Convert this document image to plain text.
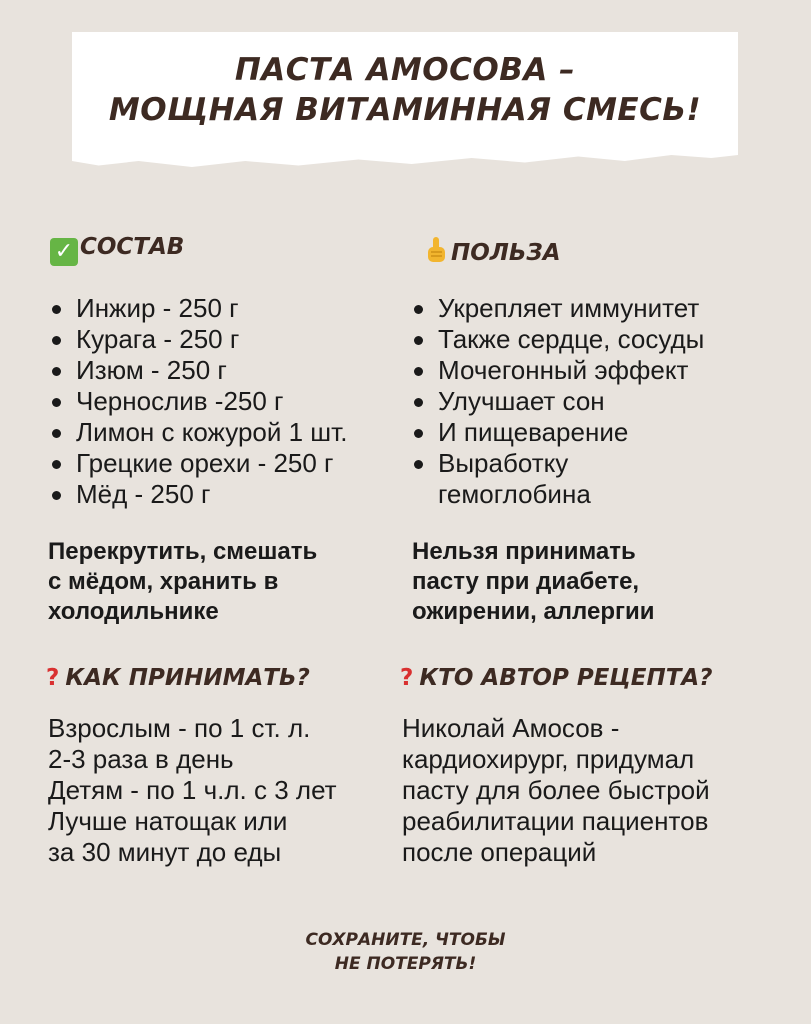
ПАСТА АМОСОВА –
МОЩНАЯ ВИТАМИННАЯ СМЕСЬ!
✓ СОСТАВ
Инжир - 250 г
Курага - 250 г
Изюм - 250 г
Чернослив -250 г
Лимон с кожурой 1 шт.
Грецкие орехи - 250 г
Мёд - 250 г
Перекрутить, смешать
с мёдом, хранить в
холодильнике
ПОЛЬЗА
Укрепляет иммунитет
Также сердце, сосуды
Мочегонный эффект
Улучшает сон
И пищеварение
Выработку
гемоглобина
Нельзя принимать
пасту при диабете,
ожирении, аллергии
? КАК ПРИНИМАТЬ?
Взрослым - по 1 ст. л.
2-3 раза в день
Детям - по 1 ч.л. с 3 лет
Лучше натощак или
за 30 минут до еды
? КТО АВТОР РЕЦЕПТА?
Николай Амосов -
кардиохирург, придумал
пасту для более быстрой
реабилитации пациентов
после операций
СОХРАНИТЕ, ЧТОБЫ
НЕ ПОТЕРЯТЬ!
